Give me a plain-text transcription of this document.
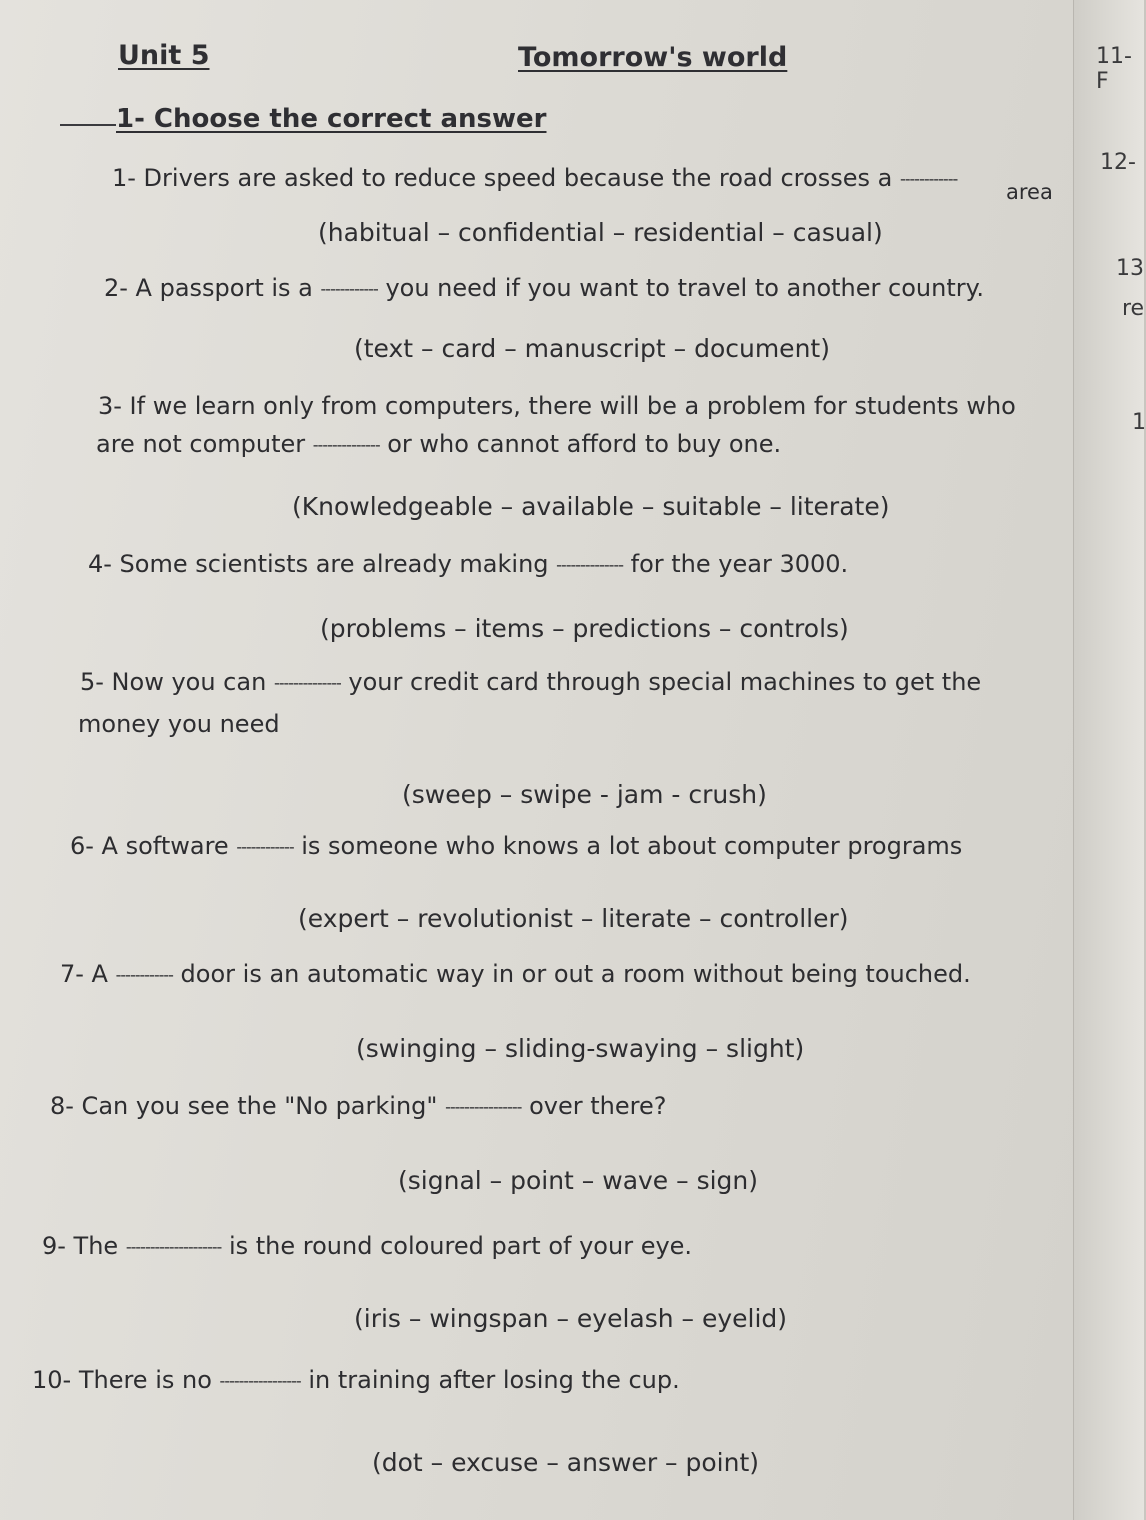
11- F
12-
13
re
1
Unit 5	Tomorrow's world
1- Choose the correct answer
1- Drivers are asked to reduce speed because the road crosses a ------------
area
(habitual – confidential – residential – casual)
2- A passport is a ------------ you need if you want to travel to another country.
(text – card – manuscript – document)
3- If we learn only from computers, there will be a problem for students who
are not computer -------------- or who cannot afford to buy one.
(Knowledgeable – available – suitable – literate)
4- Some scientists are already making -------------- for the year 3000.
(problems – items – predictions – controls)
5- Now you can -------------- your credit card through special machines to get the
money you need
(sweep – swipe - jam - crush)
6- A software ------------ is someone who knows a lot about computer programs
(expert – revolutionist – literate – controller)
7- A ------------ door is an automatic way in or out a room without being touched.
(swinging – sliding-swaying – slight)
8- Can you see the "No parking" ---------------- over there?
(signal – point – wave – sign)
9- The -------------------- is the round coloured part of your eye.
(iris – wingspan – eyelash – eyelid)
10- There is no ----------------- in training after losing the cup.
(dot – excuse – answer – point)
